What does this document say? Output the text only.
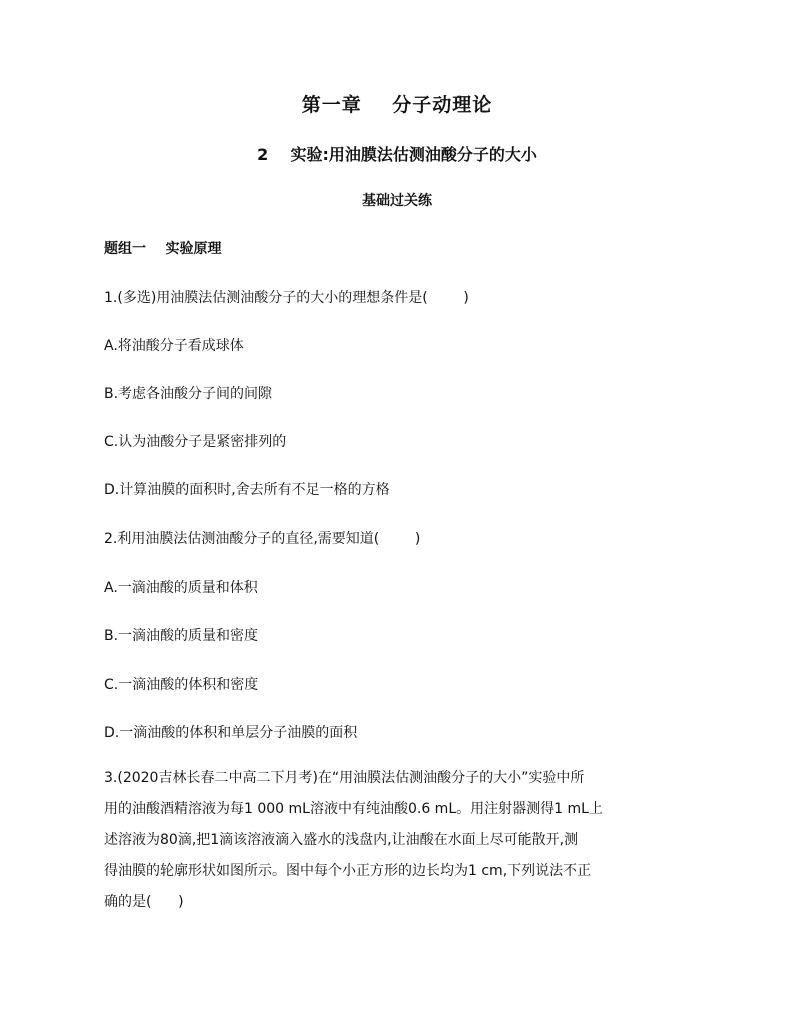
第一章    分子动理论
2    实验:用油膜法估测油酸分子的大小
基础过关练
题组一    实验原理
1.(多选)用油膜法估测油酸分子的大小的理想条件是(        )
A.将油酸分子看成球体
B.考虑各油酸分子间的间隙
C.认为油酸分子是紧密排列的
D.计算油膜的面积时,舍去所有不足一格的方格
2.利用油膜法估测油酸分子的直径,需要知道(        )
A.一滴油酸的质量和体积
B.一滴油酸的质量和密度
C.一滴油酸的体积和密度
D.一滴油酸的体积和单层分子油膜的面积
3.(2020吉林长春二中高二下月考)在“用油膜法估测油酸分子的大小”实验中所
用的油酸酒精溶液为每1 000 mL溶液中有纯油酸0.6 mL。用注射器测得1 mL上
述溶液为80滴,把1滴该溶液滴入盛水的浅盘内,让油酸在水面上尽可能散开,测
得油膜的轮廓形状如图所示。图中每个小正方形的边长均为1 cm,下列说法不正
确的是(      )
